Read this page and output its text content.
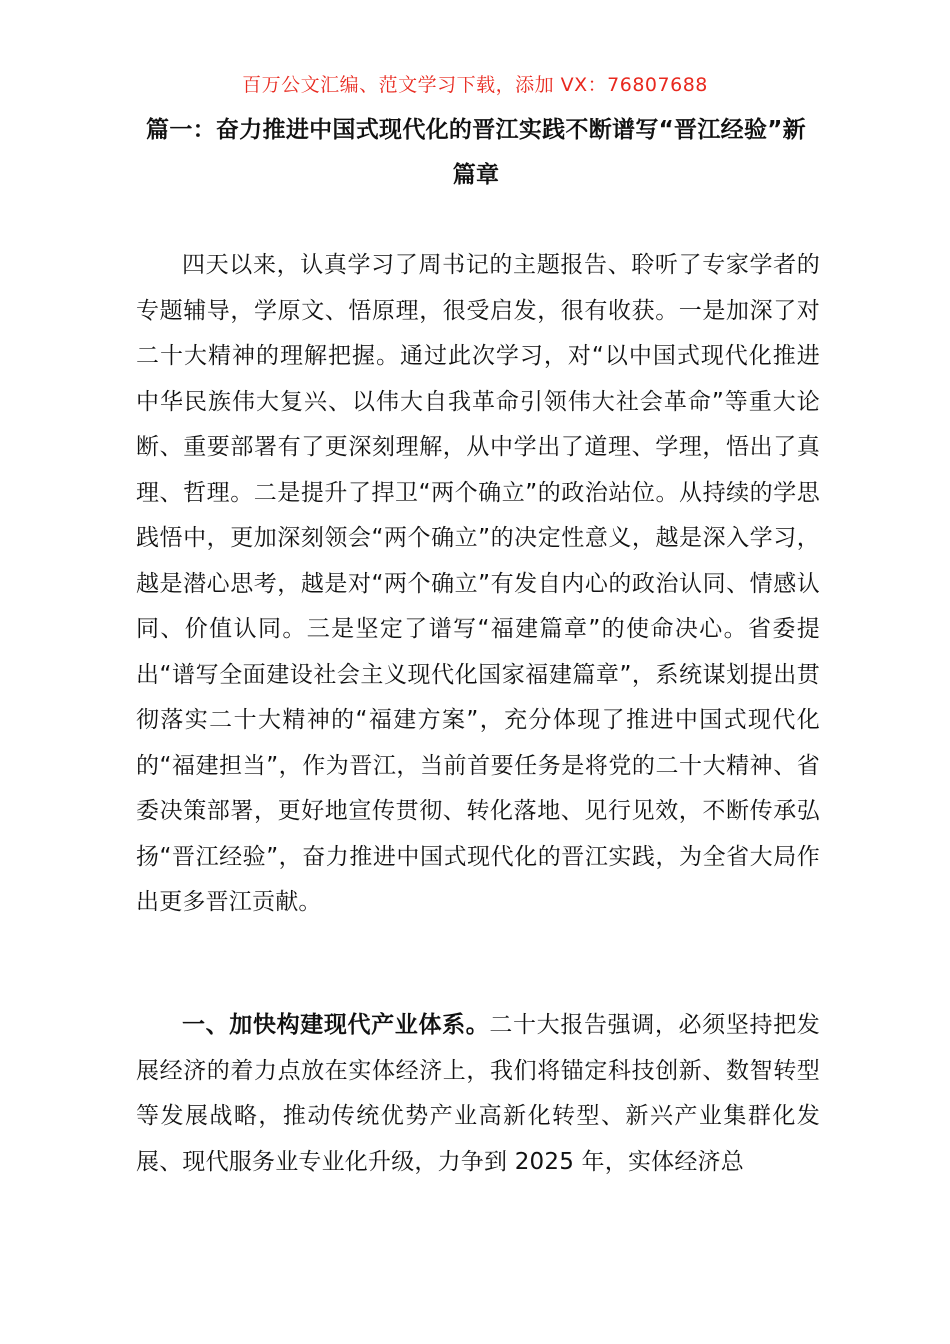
百万公文汇编、范文学习下载，添加 VX：76807688
篇一：奋力推进中国式现代化的晋江实践不断谱写“晋江经验”新篇章
四天以来，认真学习了周书记的主题报告、聆听了专家学者的专题辅导，学原文、悟原理，很受启发，很有收获。一是加深了对二十大精神的理解把握。通过此次学习，对“以中国式现代化推进中华民族伟大复兴、以伟大自我革命引领伟大社会革命”等重大论断、重要部署有了更深刻理解，从中学出了道理、学理，悟出了真理、哲理。二是提升了捍卫“两个确立”的政治站位。从持续的学思践悟中，更加深刻领会“两个确立”的决定性意义，越是深入学习，越是潜心思考，越是对“两个确立”有发自内心的政治认同、情感认同、价值认同。三是坚定了谱写“福建篇章”的使命决心。省委提出“谱写全面建设社会主义现代化国家福建篇章”，系统谋划提出贯彻落实二十大精神的“福建方案”，充分体现了推进中国式现代化的“福建担当”，作为晋江，当前首要任务是将党的二十大精神、省委决策部署，更好地宣传贯彻、转化落地、见行见效，不断传承弘扬“晋江经验”，奋力推进中国式现代化的晋江实践，为全省大局作出更多晋江贡献。
一、加快构建现代产业体系。二十大报告强调，必须坚持把发展经济的着力点放在实体经济上，我们将锚定科技创新、数智转型等发展战略，推动传统优势产业高新化转型、新兴产业集群化发展、现代服务业专业化升级，力争到 2025 年，实体经济总
